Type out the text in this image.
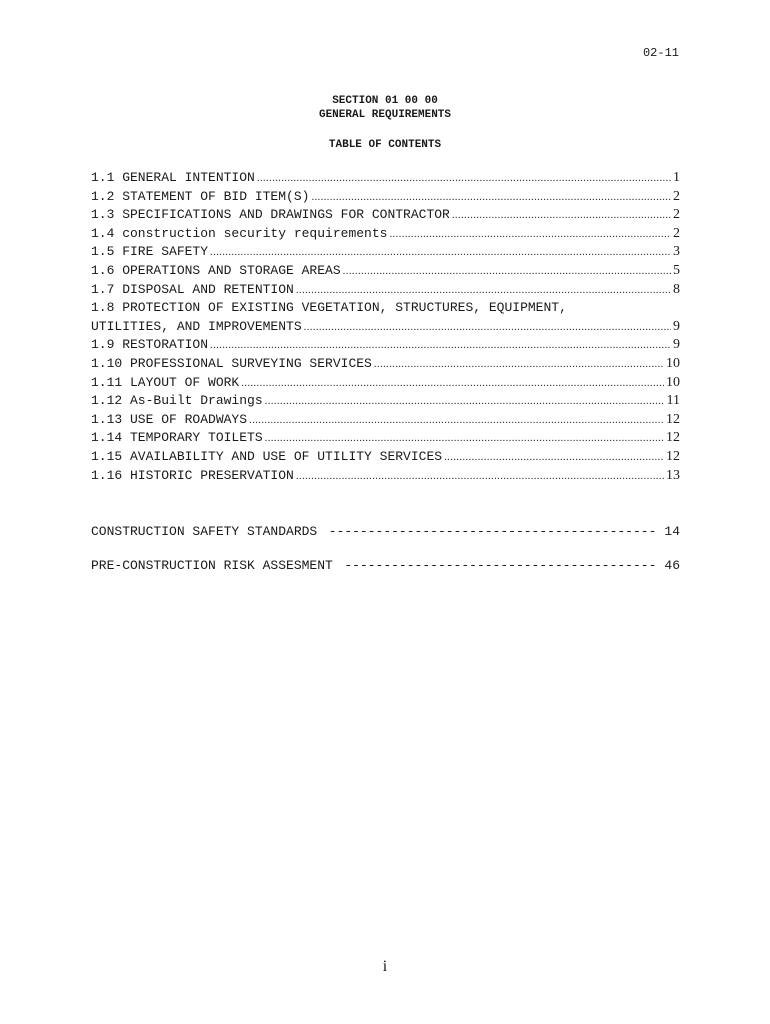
02-11
SECTION 01 00 00
GENERAL REQUIREMENTS
TABLE OF CONTENTS
1.1 GENERAL INTENTION .....	1
1.2 STATEMENT OF BID ITEM(S) .....	2
1.3 SPECIFICATIONS AND DRAWINGS FOR CONTRACTOR .....	2
1.4 construction security requirements .....	2
1.5 FIRE SAFETY .....	3
1.6 OPERATIONS AND STORAGE AREAS .....	5
1.7 DISPOSAL AND RETENTION .....	8
1.8 PROTECTION OF EXISTING VEGETATION, STRUCTURES, EQUIPMENT,
UTILITIES, AND IMPROVEMENTS .....	9
1.9 RESTORATION .....	9
1.10 PROFESSIONAL SURVEYING SERVICES .....	10
1.11 LAYOUT OF WORK .....	10
1.12 As-Built Drawings .....	11
1.13 USE OF ROADWAYS .....	12
1.14 TEMPORARY TOILETS .....	12
1.15 AVAILABILITY AND USE OF UTILITY SERVICES .....	12
1.16 HISTORIC PRESERVATION .....	13
CONSTRUCTION SAFETY STANDARDS -----	14
PRE-CONSTRUCTION RISK ASSESMENT -----	46
i
